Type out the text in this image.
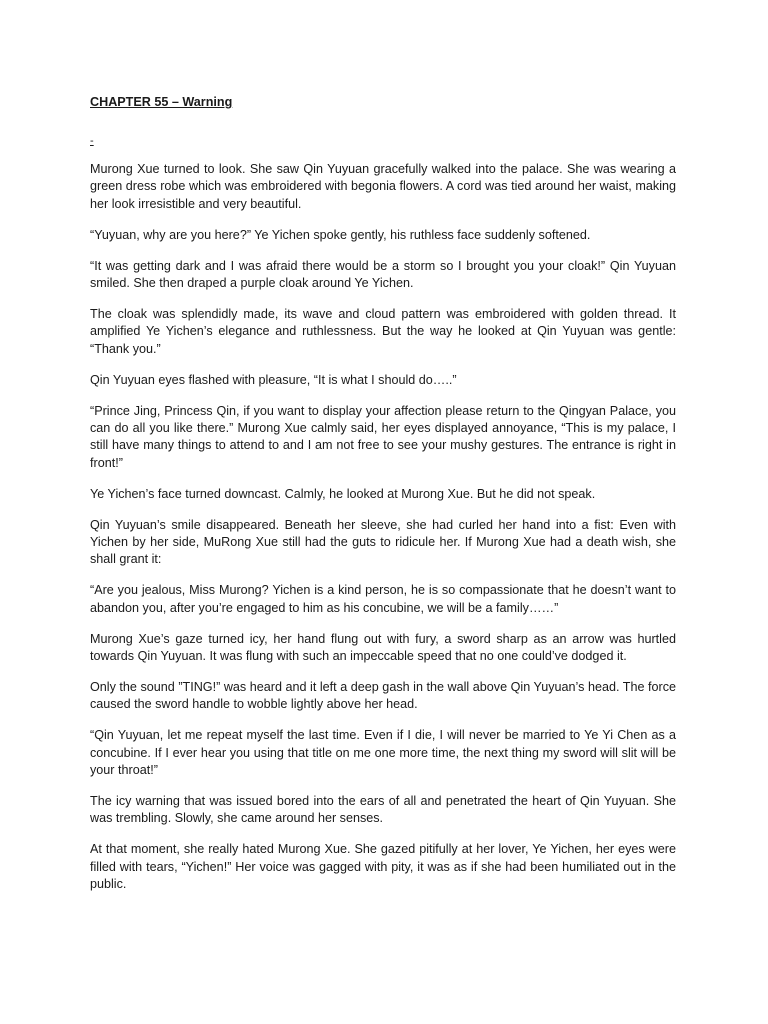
CHAPTER 55 – Warning
-

Murong Xue turned to look. She saw Qin Yuyuan gracefully walked into the palace. She was wearing a green dress robe which was embroidered with begonia flowers. A cord was tied around her waist, making her look irresistible and very beautiful.

“Yuyuan, why are you here?” Ye Yichen spoke gently, his ruthless face suddenly softened.

“It was getting dark and I was afraid there would be a storm so I brought you your cloak!” Qin Yuyuan smiled. She then draped a purple cloak around Ye Yichen.

The cloak was splendidly made, its wave and cloud pattern was embroidered with golden thread. It amplified Ye Yichen’s elegance and ruthlessness. But the way he looked at Qin Yuyuan was gentle: “Thank you.”

Qin Yuyuan eyes flashed with pleasure, “It is what I should do…..”

“Prince Jing, Princess Qin, if you want to display your affection please return to the Qingyan Palace, you can do all you like there.” Murong Xue calmly said, her eyes displayed annoyance, “This is my palace, I still have many things to attend to and I am not free to see your mushy gestures. The entrance is right in front!”

Ye Yichen’s face turned downcast. Calmly, he looked at Murong Xue. But he did not speak.

Qin Yuyuan’s smile disappeared. Beneath her sleeve, she had curled her hand into a fist: Even with Yichen by her side, MuRong Xue still had the guts to ridicule her. If Murong Xue had a death wish, she shall grant it:

“Are you jealous, Miss Murong? Yichen is a kind person, he is so compassionate that he doesn’t want to abandon you, after you’re engaged to him as his concubine, we will be a family……”

Murong Xue’s gaze turned icy, her hand flung out with fury, a sword sharp as an arrow was hurtled towards Qin Yuyuan. It was flung with such an impeccable speed that no one could’ve dodged it.

Only the sound ”TING!” was heard and it left a deep gash in the wall above Qin Yuyuan’s head. The force caused the sword handle to wobble lightly above her head.

“Qin Yuyuan, let me repeat myself the last time. Even if I die, I will never be married to Ye Yi Chen as a concubine. If I ever hear you using that title on me one more time, the next thing my sword will slit will be your throat!”

The icy warning that was issued bored into the ears of all and penetrated the heart of Qin Yuyuan. She was trembling. Slowly, she came around her senses.

At that moment, she really hated Murong Xue. She gazed pitifully at her lover, Ye Yichen, her eyes were filled with tears, “Yichen!” Her voice was gagged with pity, it was as if she had been humiliated out in the public.
